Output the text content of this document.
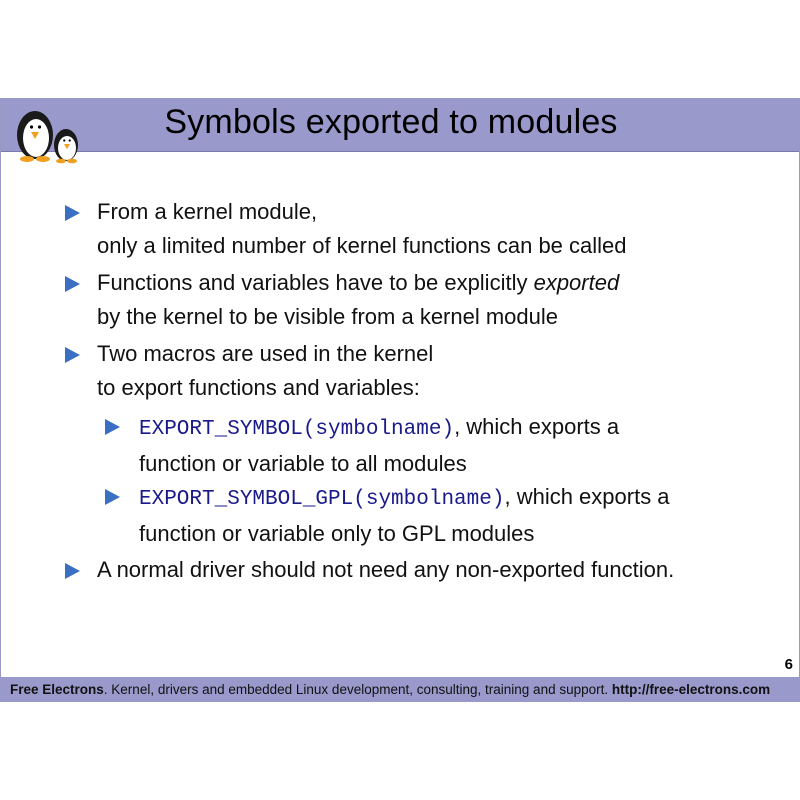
Symbols exported to modules
From a kernel module,
only a limited number of kernel functions can be called
Functions and variables have to be explicitly exported
by the kernel to be visible from a kernel module
Two macros are used in the kernel
to export functions and variables:
EXPORT_SYMBOL(symbolname), which exports a
function or variable to all modules
EXPORT_SYMBOL_GPL(symbolname), which exports a
function or variable only to GPL modules
A normal driver should not need any non-exported function.
6
Free Electrons. Kernel, drivers and embedded Linux development, consulting, training and support. http://free-electrons.com
